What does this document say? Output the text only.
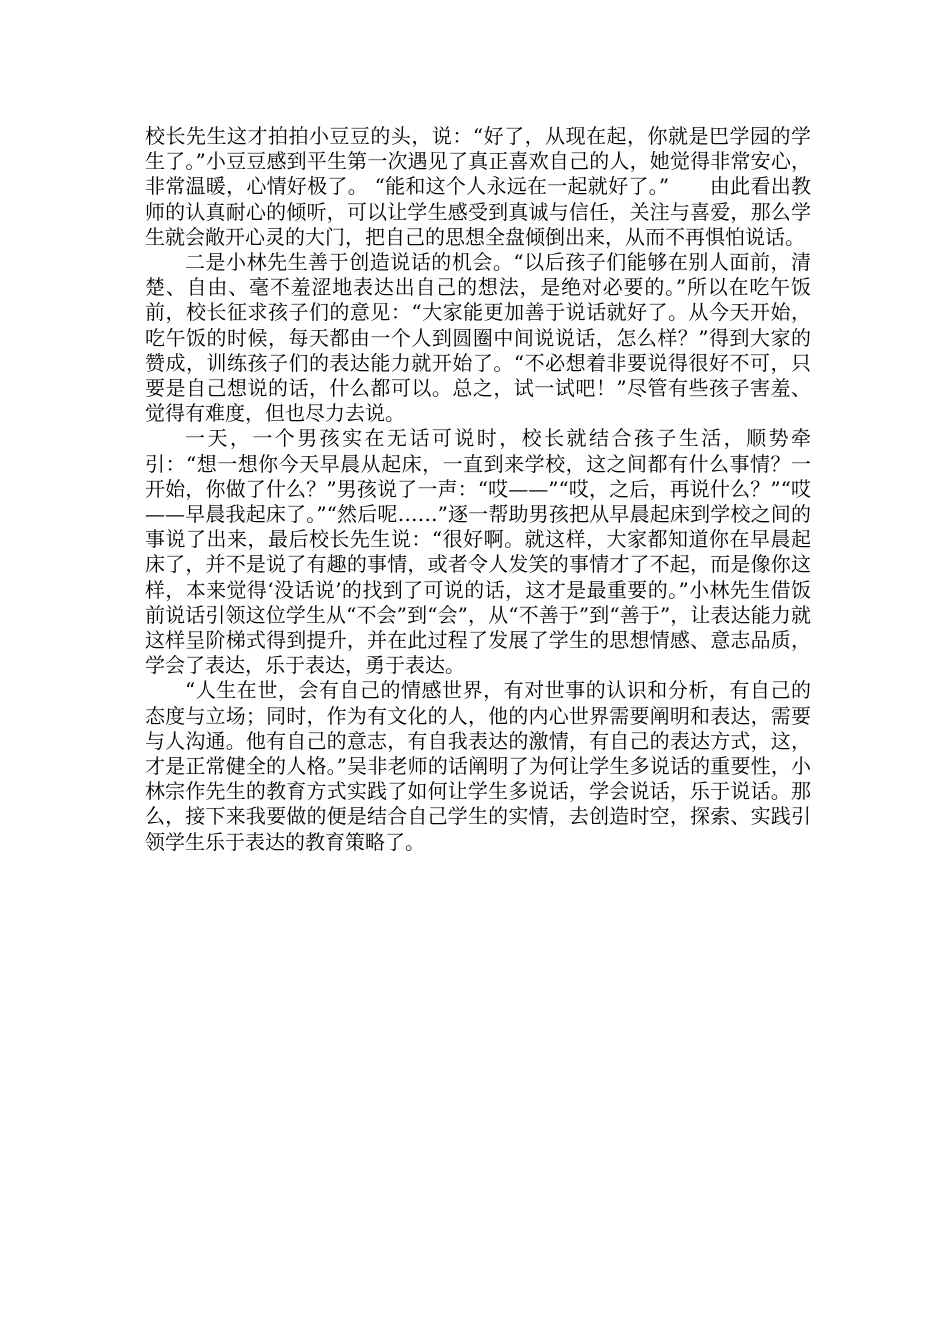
校长先生这才拍拍小豆豆的头，说：“好了，从现在起，你就是巴学园的学生了。”小豆豆感到平生第一次遇见了真正喜欢自己的人，她觉得非常安心，非常温暖，心情好极了。 “能和这个人永远在一起就好了。”　　由此看出教师的认真耐心的倾听，可以让学生感受到真诚与信任，关注与喜爱，那么学生就会敞开心灵的大门，把自己的思想全盘倾倒出来，从而不再惧怕说话。

二是小林先生善于创造说话的机会。“以后孩子们能够在别人面前，清楚、自由、毫不羞涩地表达出自己的想法，是绝对必要的。”所以在吃午饭前，校长征求孩子们的意见：“大家能更加善于说话就好了。从今天开始，吃午饭的时候，每天都由一个人到圆圈中间说说话，怎么样？”得到大家的赞成，训练孩子们的表达能力就开始了。“不必想着非要说得很好不可，只要是自己想说的话，什么都可以。总之，试一试吧！”尽管有些孩子害羞、觉得有难度，但也尽力去说。

一天，一个男孩实在无话可说时，校长就结合孩子生活，顺势牵引：“想一想你今天早晨从起床，一直到来学校，这之间都有什么事情？一开始，你做了什么？”男孩说了一声：“哎——”“哎，之后，再说什么？”“哎——早晨我起床了。”“然后呢……”逐一帮助男孩把从早晨起床到学校之间的事说了出来，最后校长先生说：“很好啊。就这样，大家都知道你在早晨起床了，并不是说了有趣的事情，或者令人发笑的事情才了不起，而是像你这样，本来觉得‘没话说’的找到了可说的话，这才是最重要的。”小林先生借饭前说话引领这位学生从“不会”到“会”，从“不善于”到“善于”，让表达能力就这样呈阶梯式得到提升，并在此过程了发展了学生的思想情感、意志品质，学会了表达，乐于表达，勇于表达。

“人生在世，会有自己的情感世界，有对世事的认识和分析，有自己的态度与立场；同时，作为有文化的人，他的内心世界需要阐明和表达，需要与人沟通。他有自己的意志，有自我表达的激情，有自己的表达方式，这，才是正常健全的人格。”吴非老师的话阐明了为何让学生多说话的重要性，小林宗作先生的教育方式实践了如何让学生多说话，学会说话，乐于说话。那么，接下来我要做的便是结合自己学生的实情，去创造时空，探索、实践引领学生乐于表达的教育策略了。
